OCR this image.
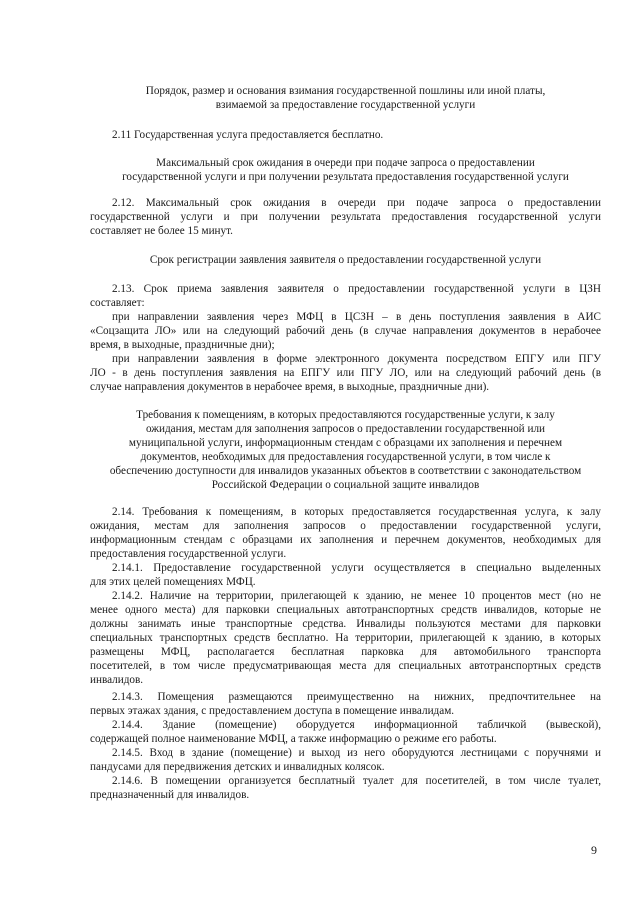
Порядок, размер и основания взимания государственной пошлины или иной платы,

взимаемой за предоставление государственной услуги

2.11 Государственная услуга предоставляется бесплатно.

Максимальный срок ожидания в очереди при подаче запроса о предоставлении

государственной услуги и при получении результата предоставления государственной услуги

2.12. Максимальный срок ожидания в очереди при подаче запроса о предоставлении

государственной услуги и при получении результата предоставления государственной услуги

составляет не более 15 минут.

Срок регистрации заявления заявителя о предоставлении государственной услуги

2.13. Срок приема заявления заявителя о предоставлении государственной услуги в ЦЗН

составляет:

при направлении заявления через МФЦ в ЦСЗН – в день поступления заявления в АИС

«Соцзащита ЛО» или на следующий рабочий день (в случае направления документов в нерабочее

время, в выходные, праздничные дни);

при направлении заявления в форме электронного документа посредством ЕПГУ или ПГУ

ЛО - в день поступления заявления на ЕПГУ или ПГУ ЛО, или на следующий рабочий день (в

случае направления документов в нерабочее время, в выходные, праздничные дни).

Требования к помещениям, в которых предоставляются государственные услуги, к залу

ожидания, местам для заполнения запросов о предоставлении государственной или

муниципальной услуги, информационным стендам с образцами их заполнения и перечнем

документов, необходимых для предоставления государственной услуги, в том числе к

обеспечению доступности для инвалидов указанных объектов в соответствии с законодательством

Российской Федерации о социальной защите инвалидов

2.14. Требования к помещениям, в которых предоставляется государственная услуга, к залу

ожидания, местам для заполнения запросов о предоставлении государственной услуги,

информационным стендам с образцами их заполнения и перечнем документов, необходимых для

предоставления государственной услуги.

2.14.1. Предоставление государственной услуги осуществляется в специально выделенных

для этих целей помещениях МФЦ.

2.14.2. Наличие на территории, прилегающей к зданию, не менее 10 процентов мест (но не

менее одного места) для парковки специальных автотранспортных средств инвалидов, которые не

должны занимать иные транспортные средства. Инвалиды пользуются местами для парковки

специальных транспортных средств бесплатно. На территории, прилегающей к зданию, в которых

размещены МФЦ, располагается бесплатная парковка для автомобильного транспорта

посетителей, в том числе предусматривающая места для специальных автотранспортных средств

инвалидов.

2.14.3. Помещения размещаются преимущественно на нижних, предпочтительнее на

первых этажах здания, с предоставлением доступа в помещение инвалидам.

2.14.4. Здание (помещение) оборудуется информационной табличкой (вывеской),

содержащей полное наименование МФЦ, а также информацию о режиме его работы.

2.14.5. Вход в здание (помещение) и выход из него оборудуются лестницами с поручнями и

пандусами для передвижения детских и инвалидных колясок.

2.14.6. В помещении организуется бесплатный туалет для посетителей, в том числе туалет,

предназначенный для инвалидов.

9
